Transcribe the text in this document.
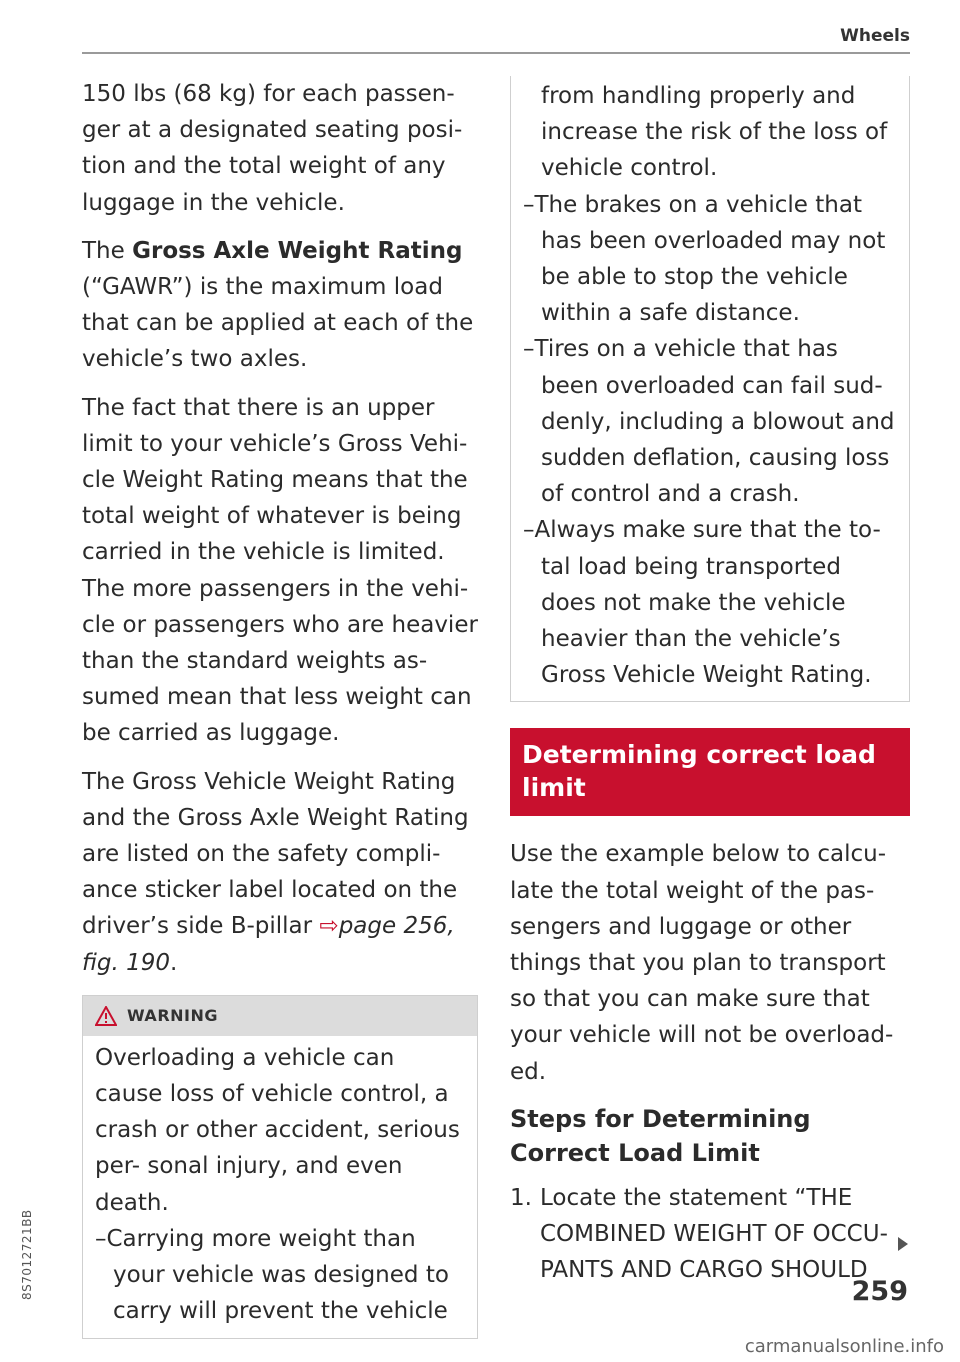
Wheels

150 lbs (68 kg) for each passen- ger at a designated seating posi- tion and the total weight of any luggage in the vehicle.

The Gross Axle Weight Rating (“GAWR”) is the maximum load that can be applied at each of the vehicle’s two axles.

The fact that there is an upper limit to your vehicle’s Gross Vehi- cle Weight Rating means that the total weight of whatever is being carried in the vehicle is limited. The more passengers in the vehi- cle or passengers who are heavier than the standard weights as- sumed mean that less weight can be carried as luggage.

The Gross Vehicle Weight Rating and the Gross Axle Weight Rating are listed on the safety compli- ance sticker label located on the driver’s side B-pillar ⇨page 256, fig. 190.

WARNING
Overloading a vehicle can cause loss of vehicle control, a crash or other accident, serious per- sonal injury, and even death.
–Carrying more weight than your vehicle was designed to carry will prevent the vehicle
from handling properly and increase the risk of the loss of vehicle control.
–The brakes on a vehicle that has been overloaded may not be able to stop the vehicle within a safe distance.
–Tires on a vehicle that has been overloaded can fail sud- denly, including a blowout and sudden deflation, causing loss of control and a crash.
–Always make sure that the to- tal load being transported does not make the vehicle heavier than the vehicle’s Gross Vehicle Weight Rating.
Determining correct load limit

Use the example below to calcu- late the total weight of the pas- sengers and luggage or other things that you plan to transport so that you can make sure that your vehicle will not be overload- ed.

Steps for Determining Correct Load Limit
1. Locate the statement “THE COMBINED WEIGHT OF OCCU- PANTS AND CARGO SHOULD
259
8S7012721BB
carmanualsonline.info
